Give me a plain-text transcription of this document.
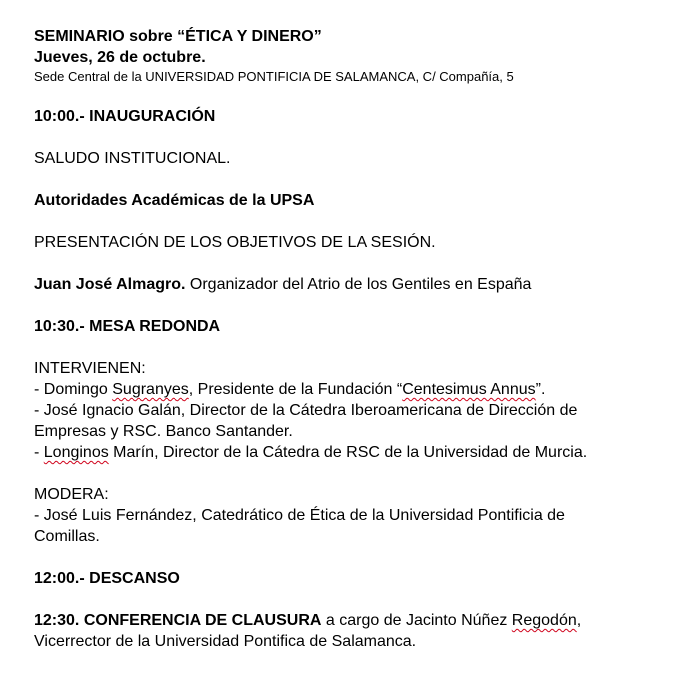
SEMINARIO sobre “ÉTICA Y DINERO”
Jueves, 26 de octubre.
Sede Central de la UNIVERSIDAD PONTIFICIA DE SALAMANCA, C/ Compañía, 5
10:00.- INAUGURACIÓN
SALUDO INSTITUCIONAL.
Autoridades Académicas de la UPSA
PRESENTACIÓN DE LOS OBJETIVOS DE LA SESIÓN.
Juan José Almagro. Organizador del Atrio de los Gentiles en España
10:30.- MESA REDONDA
INTERVIENEN:
- Domingo Sugranyes, Presidente de la Fundación “Centesimus Annus”.
- José Ignacio Galán, Director de la Cátedra Iberoamericana de Dirección de
Empresas y RSC. Banco Santander.
- Longinos Marín, Director de la Cátedra de RSC de la Universidad de Murcia.
MODERA:
- José Luis Fernández, Catedrático de Ética de la Universidad Pontificia de
Comillas.
12:00.- DESCANSO
12:30. CONFERENCIA DE CLAUSURA a cargo de Jacinto Núñez Regodón,
Vicerrector de la Universidad Pontifica de Salamanca.
